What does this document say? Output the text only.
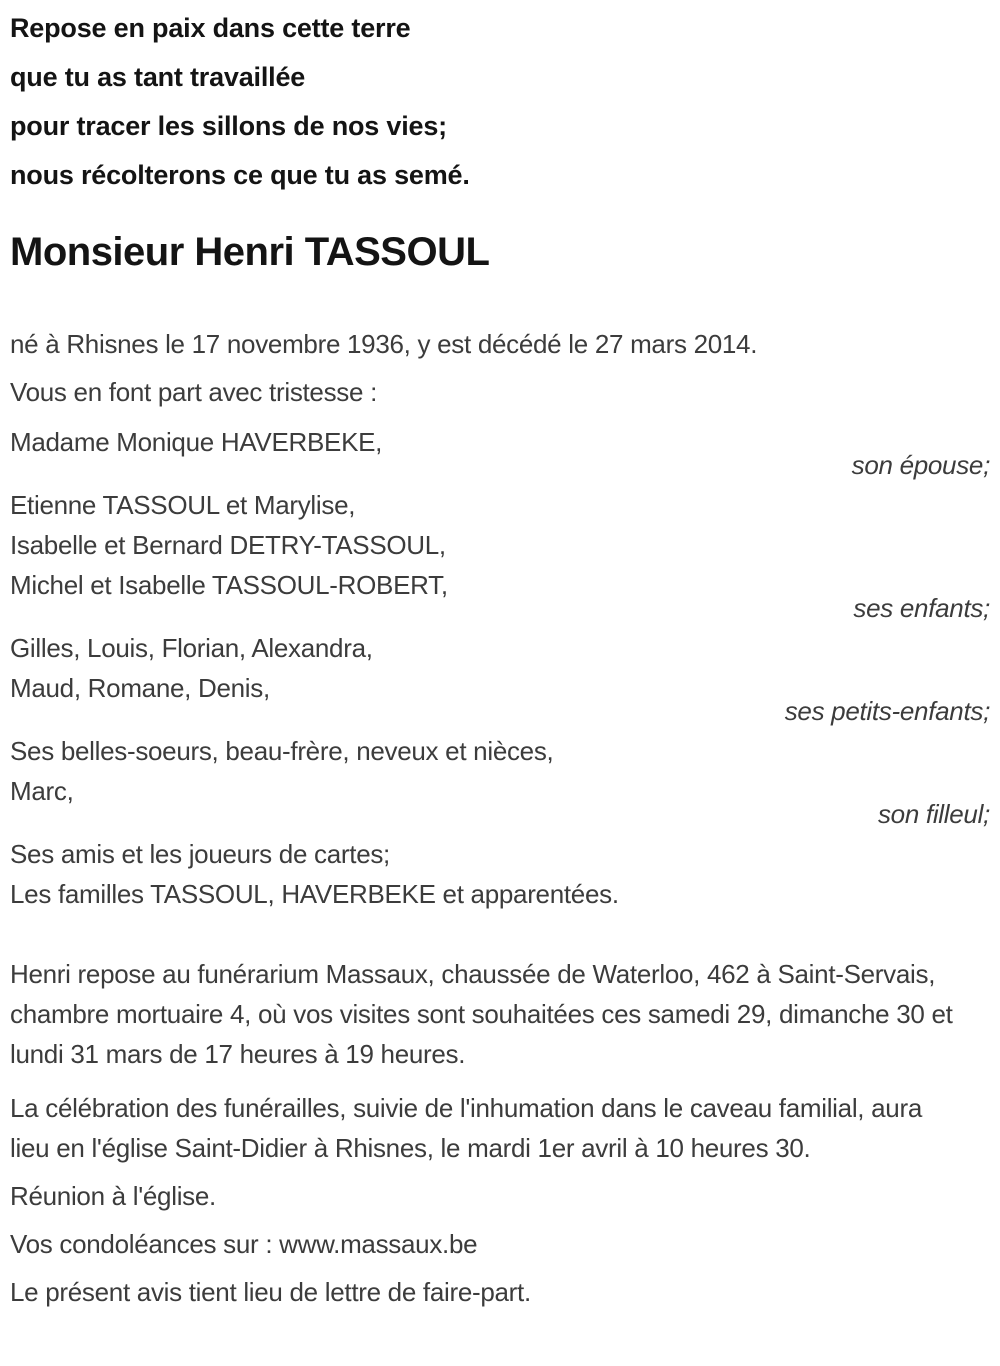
Repose en paix dans cette terre
que tu as tant travaillée
pour tracer les sillons de nos vies;
nous récolterons ce que tu as semé.
Monsieur Henri TASSOUL

né à Rhisnes le 17 novembre 1936, y est décédé le 27 mars 2014.

Vous en font part avec tristesse :

Madame Monique HAVERBEKE,
son épouse;
Etienne TASSOUL et Marylise,
Isabelle et Bernard DETRY-TASSOUL,
Michel et Isabelle TASSOUL-ROBERT,
ses enfants;
Gilles, Louis, Florian, Alexandra,
Maud, Romane, Denis,
ses petits-enfants;
Ses belles-soeurs, beau-frère, neveux et nièces,
Marc,
son filleul;
Ses amis et les joueurs de cartes;
Les familles TASSOUL, HAVERBEKE et apparentées.

Henri repose au funérarium Massaux, chaussée de Waterloo, 462 à Saint-Servais, chambre mortuaire 4, où vos visites sont souhaitées ces samedi 29, dimanche 30 et lundi 31 mars de 17 heures à 19 heures.

La célébration des funérailles, suivie de l'inhumation dans le caveau familial, aura lieu en l'église Saint-Didier à Rhisnes, le mardi 1er avril à 10 heures 30.

Réunion à l'église.

Vos condoléances sur : www.massaux.be

Le présent avis tient lieu de lettre de faire-part.
